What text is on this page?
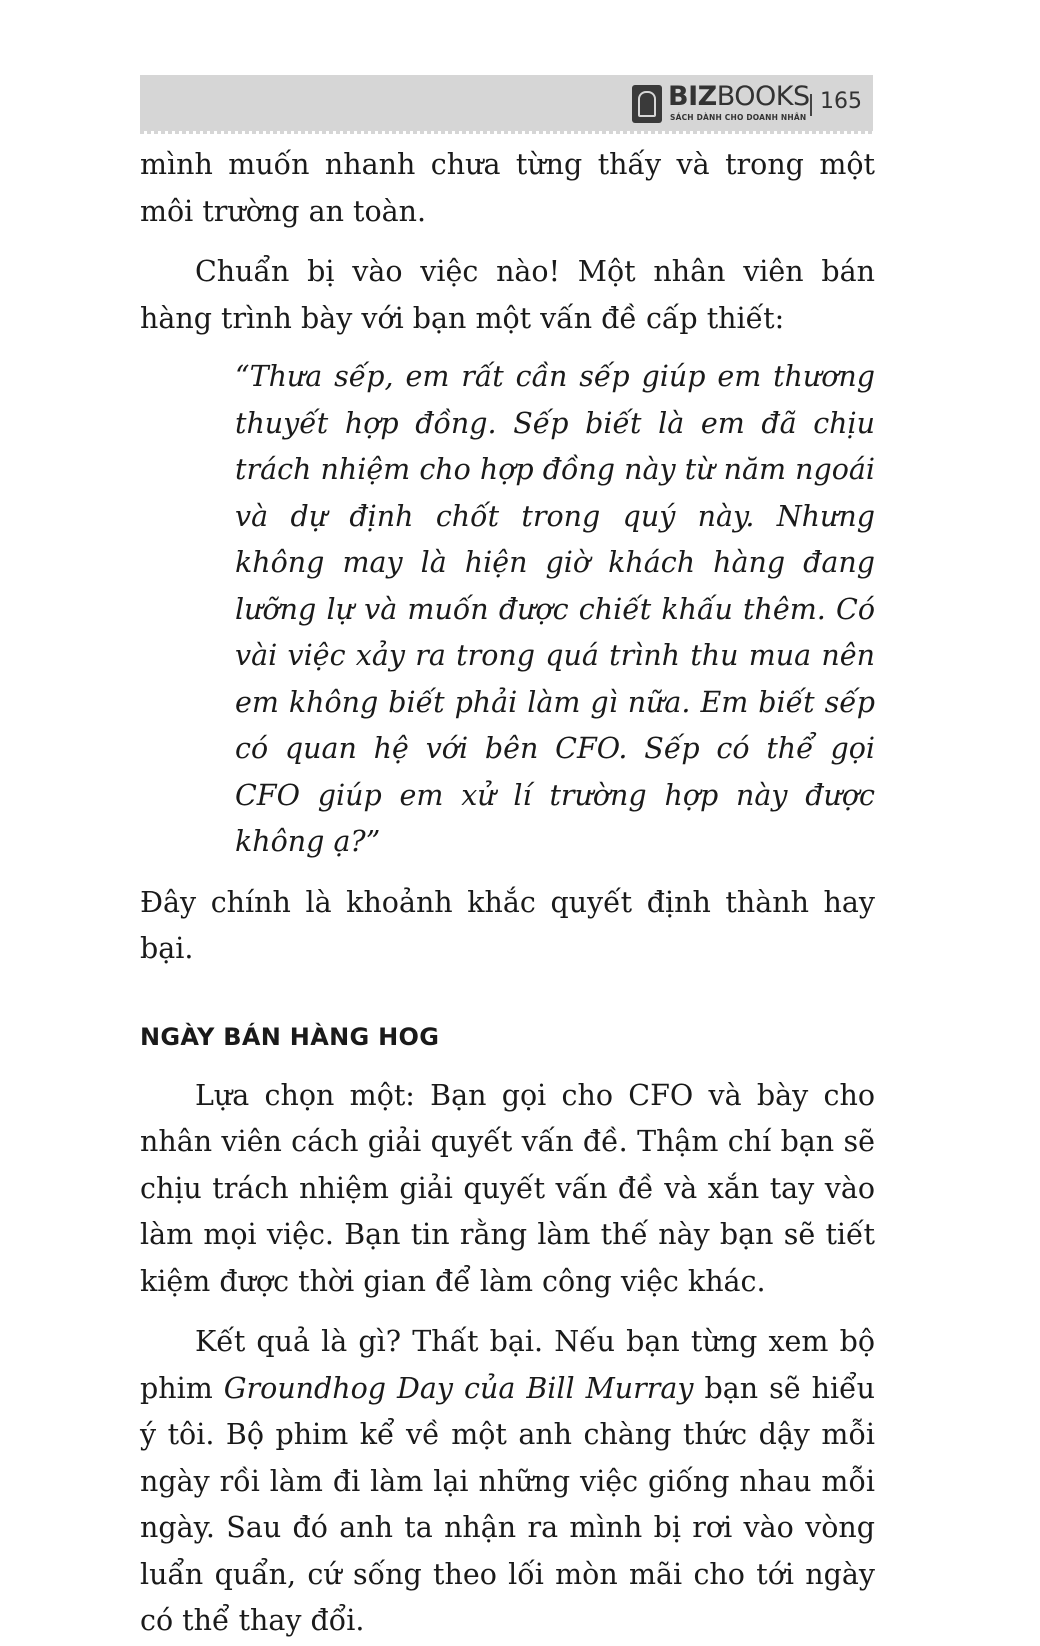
BIZBOOKS
SÁCH DÀNH CHO DOANH NHÂN
165

mình muốn nhanh chưa từng thấy và trong một môi trường an toàn.

Chuẩn bị vào việc nào! Một nhân viên bán hàng trình bày với bạn một vấn đề cấp thiết:

“Thưa sếp, em rất cần sếp giúp em thương thuyết hợp đồng. Sếp biết là em đã chịu trách nhiệm cho hợp đồng này từ năm ngoái và dự định chốt trong quý này. Nhưng không may là hiện giờ khách hàng đang lưỡng lự và muốn được chiết khấu thêm. Có vài việc xảy ra trong quá trình thu mua nên em không biết phải làm gì nữa. Em biết sếp có quan hệ với bên CFO. Sếp có thể gọi CFO giúp em xử lí trường hợp này được không ạ?”

Đây chính là khoảnh khắc quyết định thành hay bại.

NGÀY BÁN HÀNG HOG

Lựa chọn một: Bạn gọi cho CFO và bày cho nhân viên cách giải quyết vấn đề. Thậm chí bạn sẽ chịu trách nhiệm giải quyết vấn đề và xắn tay vào làm mọi việc. Bạn tin rằng làm thế này bạn sẽ tiết kiệm được thời gian để làm công việc khác.

Kết quả là gì? Thất bại. Nếu bạn từng xem bộ phim Groundhog Day của Bill Murray bạn sẽ hiểu ý tôi. Bộ phim kể về một anh chàng thức dậy mỗi ngày rồi làm đi làm lại những việc giống nhau mỗi ngày. Sau đó anh ta nhận ra mình bị rơi vào vòng luẩn quẩn, cứ sống theo lối mòn mãi cho tới ngày có thể thay đổi.
